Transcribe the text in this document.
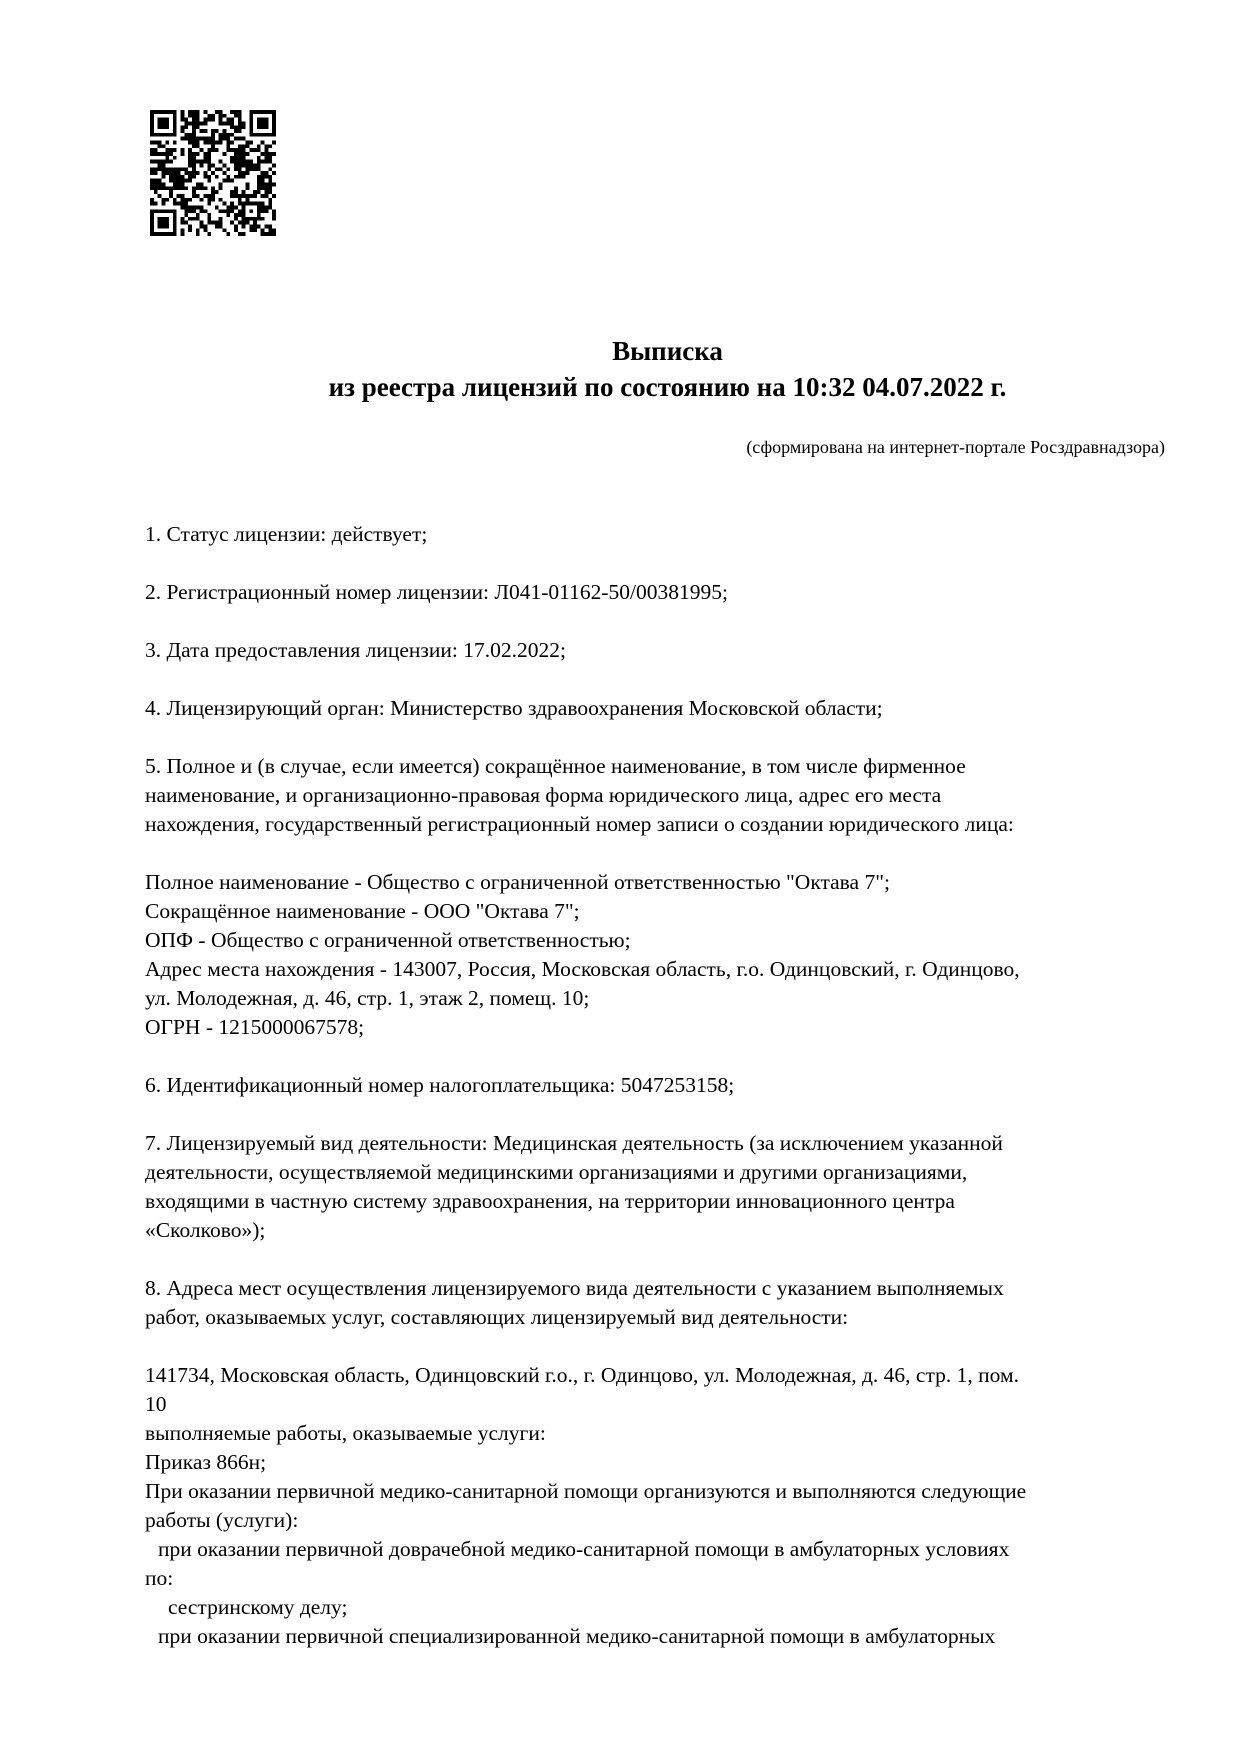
Выписка
из реестра лицензий по состоянию на 10:32 04.07.2022 г.
(сформирована на интернет-портале Росздравнадзора)

1. Статус лицензии: действует;

2. Регистрационный номер лицензии: Л041-01162-50/00381995;

3. Дата предоставления лицензии: 17.02.2022;

4. Лицензирующий орган: Министерство здравоохранения Московской области;

5. Полное и (в случае, если имеется) сокращённое наименование, в том числе фирменное

наименование, и организационно-правовая форма юридического лица, адрес его места

нахождения, государственный регистрационный номер записи о создании юридического лица:

Полное наименование - Общество с ограниченной ответственностью "Октава 7";

Сокращённое наименование - ООО "Октава 7";

ОПФ - Общество с ограниченной ответственностью;

Адрес места нахождения - 143007, Россия, Московская область, г.о. Одинцовский, г. Одинцово,

ул. Молодежная, д. 46, стр. 1, этаж 2, помещ. 10;

ОГРН - 1215000067578;

6. Идентификационный номер налогоплательщика: 5047253158;

7. Лицензируемый вид деятельности: Медицинская деятельность (за исключением указанной

деятельности, осуществляемой медицинскими организациями и другими организациями,

входящими в частную систему здравоохранения, на территории инновационного центра

«Сколково»);

8. Адреса мест осуществления лицензируемого вида деятельности с указанием выполняемых

работ, оказываемых услуг, составляющих лицензируемый вид деятельности:

141734, Московская область, Одинцовский г.о., г. Одинцово, ул. Молодежная, д. 46, стр. 1, пом.

10

выполняемые работы, оказываемые услуги:

Приказ 866н;

При оказании первичной медико-санитарной помощи организуются и выполняются следующие

работы (услуги):

при оказании первичной доврачебной медико-санитарной помощи в амбулаторных условиях

по:

сестринскому делу;

при оказании первичной специализированной медико-санитарной помощи в амбулаторных
